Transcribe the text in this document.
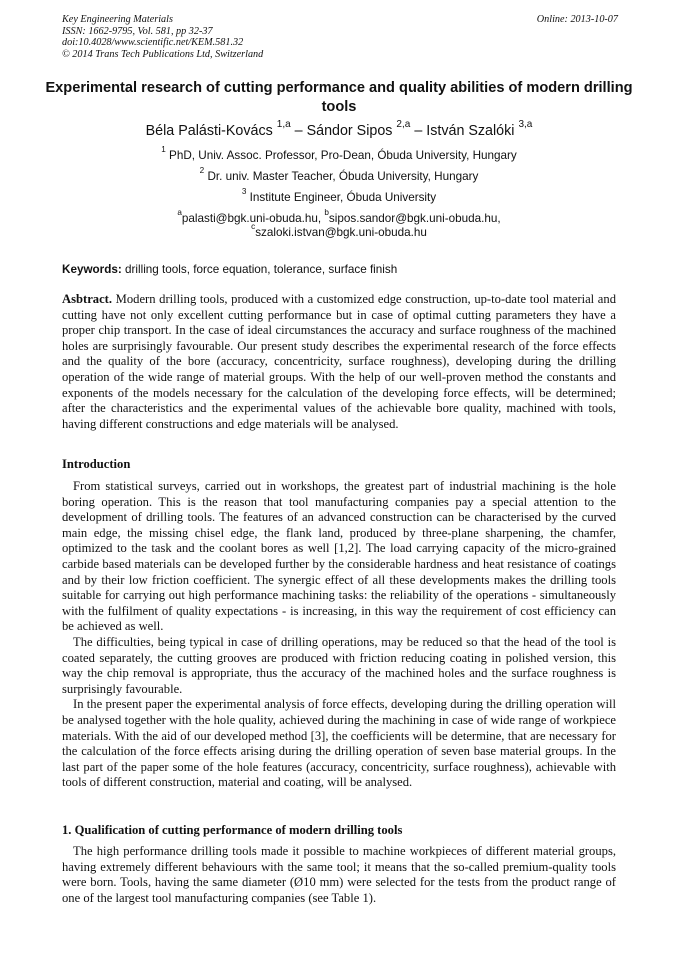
Key Engineering Materials
ISSN: 1662-9795, Vol. 581, pp 32-37
doi:10.4028/www.scientific.net/KEM.581.32
© 2014 Trans Tech Publications Ltd, Switzerland
Online: 2013-10-07
Experimental research of cutting performance and quality abilities of modern drilling tools
Béla Palásti-Kovács $^{1,a}$ – Sándor Sipos $^{2,a}$ – István Szalóki $^{3,a}$
$^1$ PhD, Univ. Assoc. Professor, Pro-Dean, Óbuda University, Hungary
$^2$ Dr. univ. Master Teacher, Óbuda University, Hungary
$^3$ Institute Engineer, Óbuda University
$^a$palasti@bgk.uni-obuda.hu, $^b$sipos.sandor@bgk.uni-obuda.hu,
$^c$szaloki.istvan@bgk.uni-obuda.hu
Keywords: drilling tools, force equation, tolerance, surface finish

Asbtract. Modern drilling tools, produced with a customized edge construction, up-to-date tool material and cutting have not only excellent cutting performance but in case of optimal cutting parameters they have a proper chip transport. In the case of ideal circumstances the accuracy and surface roughness of the machined holes are surprisingly favourable. Our present study describes the experimental research of the force effects and the quality of the bore (accuracy, concentricity, surface roughness), developing during the drilling operation of the wide range of material groups. With the help of our well-proven method the constants and exponents of the models necessary for the calculation of the developing force effects, will be determined; after the characteristics and the experimental values of the achievable bore quality, machined with tools, having different constructions and edge materials will be analysed.

Introduction

From statistical surveys, carried out in workshops, the greatest part of industrial machining is the hole boring operation. This is the reason that tool manufacturing companies pay a special attention to the development of drilling tools. The features of an advanced construction can be characterised by the curved main edge, the missing chisel edge, the flank land, produced by three-plane sharpening, the chamfer, optimized to the task and the coolant bores as well [1,2]. The load carrying capacity of the micro-grained carbide based materials can be developed further by the considerable hardness and heat resistance of coatings and by their low friction coefficient. The synergic effect of all these developments makes the drilling tools suitable for carrying out high performance machining tasks: the reliability of the operations - simultaneously with the fulfilment of quality expectations - is increasing, in this way the requirement of cost efficiency can be achieved as well.

The difficulties, being typical in case of drilling operations, may be reduced so that the head of the tool is coated separately, the cutting grooves are produced with friction reducing coating in polished version, this way the chip removal is appropriate, thus the accuracy of the machined holes and the surface roughness is surprisingly favourable.

In the present paper the experimental analysis of force effects, developing during the drilling operation will be analysed together with the hole quality, achieved during the machining in case of wide range of workpiece materials. With the aid of our developed method [3], the coefficients will be determine, that are necessary for the calculation of the force effects arising during the drilling operation of seven base material groups. In the last part of the paper some of the hole features (accuracy, concentricity, surface roughness), achievable with tools of different construction, material and coating, will be analysed.

1. Qualification of cutting performance of modern drilling tools

The high performance drilling tools made it possible to machine workpieces of different material groups, having extremely different behaviours with the same tool; it means that the so-called premium-quality tools were born. Tools, having the same diameter (Ø10 mm) were selected for the tests from the product range of one of the largest tool manufacturing companies (see Table 1).
